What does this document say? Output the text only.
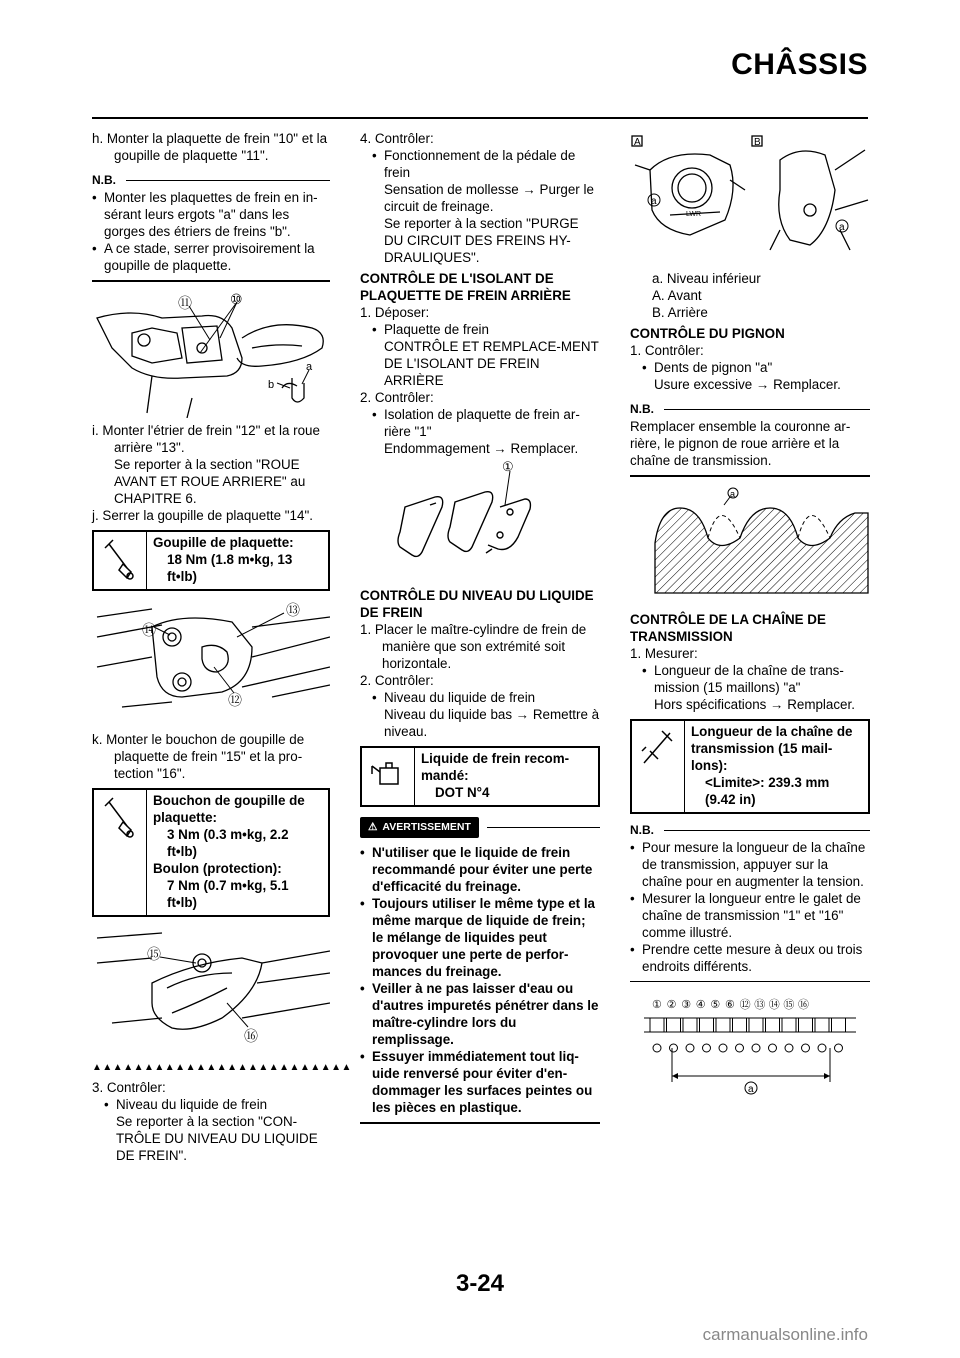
CHÂSSIS

h. Monter la plaquette de frein "10" et la goupille de plaquette "11".

N.B.

• Monter les plaquettes de frein en in-sérant leurs ergots "a" dans les gorges des étriers de freins "b".

• A ce stade, serrer provisoirement la goupille de plaquette.

⑪	⑩
b
a

i. Monter l'étrier de frein "12" et la roue arrière "13".

Se reporter à la section "ROUE AVANT ET ROUE ARRIERE" au CHAPITRE 6.

j. Serrer la goupille de plaquette "14".

Goupille de plaquette:
18 Nm (1.8 m•kg, 13
ft•lb)
⑬
⑭
⑫

k. Monter le bouchon de goupille de plaquette de frein "15" et la pro-tection "16".

Bouchon de goupille de plaquette:
3 Nm (0.3 m•kg, 2.2
ft•lb)
Boulon (protection):
7 Nm (0.7 m•kg, 5.1
ft•lb)
⑮
⑯
▲▲▲▲▲▲▲▲▲▲▲▲▲▲▲▲▲▲▲▲▲▲▲▲▲

3. Contrôler:

• Niveau du liquide de frein

Se reporter à la section "CON-TRÔLE DU NIVEAU DU LIQUIDE DE FREIN".

4. Contrôler:

• Fonctionnement de la pédale de frein

Sensation de mollesse → Purger le circuit de freinage.

Se reporter à la section "PURGE DU CIRCUIT DES FREINS HY-DRAULIQUES".

CONTRÔLE DE L'ISOLANT DE PLAQUETTE DE FREIN ARRIÈRE

1. Déposer:

• Plaquette de frein

CONTRÔLE ET REMPLACE-MENT DE L'ISOLANT DE FREIN ARRIÈRE

2. Contrôler:

• Isolation de plaquette de frein ar-rière "1"

Endommagement → Remplacer.

①

CONTRÔLE DU NIVEAU DU LIQUIDE DE FREIN

1. Placer le maître-cylindre de frein de manière que son extrémité soit horizontale.

2. Contrôler:

• Niveau du liquide de frein

Niveau du liquide bas → Remettre à niveau.

Liquide de frein recom-mandé:
DOT N°4
⚠ AVERTISSEMENT

• N'utiliser que le liquide de frein recommandé pour éviter une perte d'efficacité du freinage.

• Toujours utiliser le même type et la même marque de liquide de frein; le mélange de liquides peut provoquer une perte de perfor-mances du freinage.

• Veiller à ne pas laisser d'eau ou d'autres impuretés pénétrer dans le maître-cylindre lors du remplissage.

• Essuyer immédiatement tout liq-uide renversé pour éviter d'en-dommager les surfaces peintes ou les pièces en plastique.

A	B
a
LWR
a

a. Niveau inférieur

A. Avant

B. Arrière

CONTRÔLE DU PIGNON

1. Contrôler:

• Dents de pignon "a"

Usure excessive → Remplacer.

N.B.

Remplacer ensemble la couronne ar-rière, le pignon de roue arrière et la chaîne de transmission.

a

CONTRÔLE DE LA CHAÎNE DE TRANSMISSION

1. Mesurer:

• Longueur de la chaîne de trans-mission (15 maillons) "a"

Hors spécifications → Remplacer.

Longueur de la chaîne de transmission (15 mail-lons):
<Limite>: 239.3 mm
(9.42 in)
N.B.

• Pour mesure la longueur de la chaîne de transmission, appuyer sur la chaîne pour en augmenter la tension.

• Mesurer la longueur entre le galet de chaîne de transmission "1" et "16" comme illustré.

• Prendre cette mesure à deux ou trois endroits différents.

① ② ③ ④ ⑤ ⑥ ⑫ ⑬ ⑭ ⑮ ⑯
a
3-24
carmanualsonline.info
